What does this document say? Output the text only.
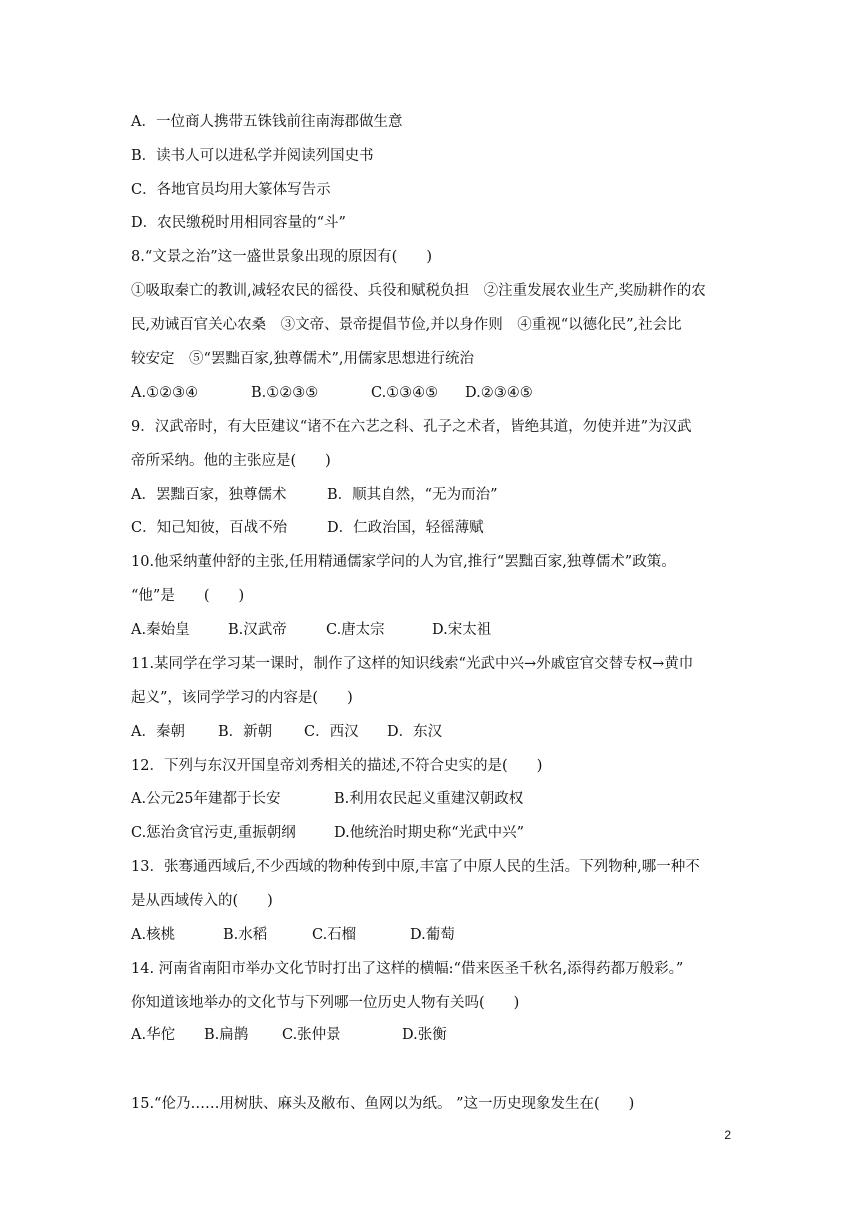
A．一位商人携带五铢钱前往南海郡做生意
B．读书人可以进私学并阅读列国史书
C．各地官员均用大篆体写告示
D．农民缴税时用相同容量的“斗”
8.“文景之治”这一盛世景象出现的原因有(　　)
①吸取秦亡的教训,减轻农民的徭役、兵役和赋税负担　②注重发展农业生产,奖励耕作的农
民,劝诫百官关心农桑　③文帝、景帝提倡节俭,并以身作则　④重视“以德化民”,社会比
较安定　⑤“罢黜百家,独尊儒术”,用儒家思想进行统治
A.①②③④	B.①②③⑤	C.①③④⑤	D.②③④⑤
9．汉武帝时，有大臣建议“诸不在六艺之科、孔子之术者，皆绝其道，勿使并进”为汉武
帝所采纳。他的主张应是(　　)
A．罢黜百家，独尊儒术	B．顺其自然，“无为而治”
C．知己知彼，百战不殆	D．仁政治国，轻徭薄赋
10.他采纳董仲舒的主张,任用精通儒家学问的人为官,推行“罢黜百家,独尊儒术”政策。
“他”是　　(　　)
A.秦始皇	B.汉武帝	C.唐太宗	D.宋太祖
11.某同学在学习某一课时，制作了这样的知识线索“光武中兴→外戚宦官交替专权→黄巾
起义”，该同学学习的内容是(　　)
A．秦朝	B．新朝	C．西汉	D．东汉
12．下列与东汉开国皇帝刘秀相关的描述,不符合史实的是(　　)
A.公元25年建都于长安	B.利用农民起义重建汉朝政权
C.惩治贪官污吏,重振朝纲	D.他统治时期史称“光武中兴”
13．张骞通西域后,不少西域的物种传到中原,丰富了中原人民的生活。下列物种,哪一种不
是从西域传入的(　　)
A.核桃	B.水稻	C.石榴	D.葡萄
14. 河南省南阳市举办文化节时打出了这样的横幅:“借来医圣千秋名,添得药都万般彩。”
你知道该地举办的文化节与下列哪一位历史人物有关吗(　　)
A.华佗	B.扁鹊	C.张仲景	D.张衡
15.“伦乃……用树肤、麻头及敝布、鱼网以为纸。 ”这一历史现象发生在(　　)
2
